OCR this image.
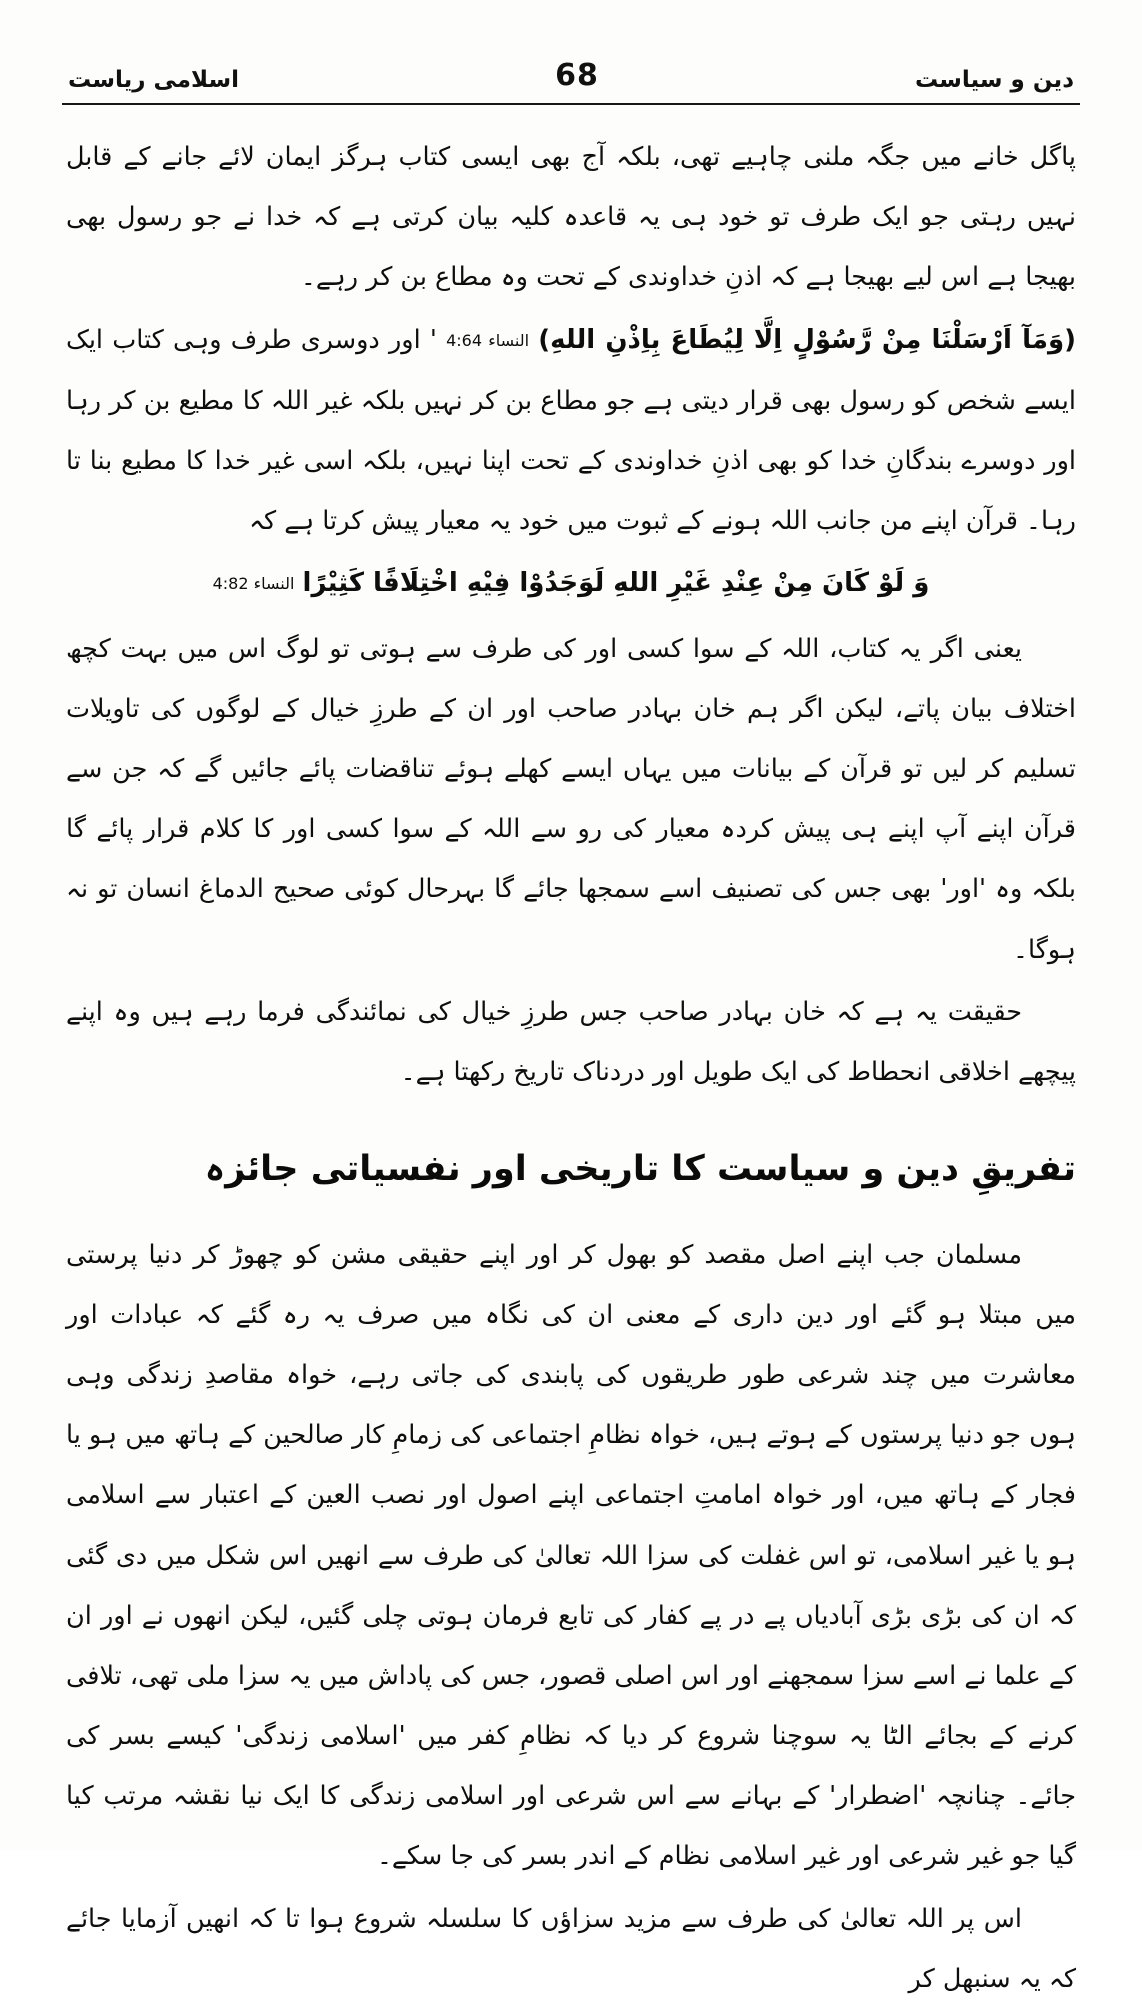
دین و سیاست
68
اسلامی ریاست

پاگل خانے میں جگہ ملنی چاہیے تھی، بلکہ آج بھی ایسی کتاب ہرگز ایمان لائے جانے کے قابل نہیں رہتی جو ایک طرف تو خود ہی یہ قاعدہ کلیہ بیان کرتی ہے کہ خدا نے جو رسول بھی بھیجا ہے اس لیے بھیجا ہے کہ اذنِ خداوندی کے تحت وہ مطاع بن کر رہے۔

(وَمَآ اَرْسَلْنَا مِنْ رَّسُوْلٍ اِلَّا لِیُطَاعَ بِاِذْنِ اللهِ) النساء 4:64 ' اور دوسری طرف وہی کتاب ایک ایسے شخص کو رسول بھی قرار دیتی ہے جو مطاع بن کر نہیں بلکہ غیر اللہ کا مطیع بن کر رہا اور دوسرے بندگانِ خدا کو بھی اذنِ خداوندی کے تحت اپنا نہیں، بلکہ اسی غیر خدا کا مطیع بنا تا رہا۔ قرآن اپنے من جانب اللہ ہونے کے ثبوت میں خود یہ معیار پیش کرتا ہے کہ

وَ لَوْ کَانَ مِنْ عِنْدِ غَیْرِ اللهِ لَوَجَدُوْا فِیْهِ اخْتِلَافًا کَثِیْرًا النساء 4:82

یعنی اگر یہ کتاب، اللہ کے سوا کسی اور کی طرف سے ہوتی تو لوگ اس میں بہت کچھ اختلاف بیان پاتے، لیکن اگر ہم خان بہادر صاحب اور ان کے طرزِ خیال کے لوگوں کی تاویلات تسلیم کر لیں تو قرآن کے بیانات میں یہاں ایسے کھلے ہوئے تناقضات پائے جائیں گے کہ جن سے قرآن اپنے آپ اپنے ہی پیش کردہ معیار کی رو سے اللہ کے سوا کسی اور کا کلام قرار پائے گا بلکہ وہ 'اور' بھی جس کی تصنیف اسے سمجھا جائے گا بہرحال کوئی صحیح الدماغ انسان تو نہ ہوگا۔

حقیقت یہ ہے کہ خان بہادر صاحب جس طرزِ خیال کی نمائندگی فرما رہے ہیں وہ اپنے پیچھے اخلاقی انحطاط کی ایک طویل اور دردناک تاریخ رکھتا ہے۔

تفریقِ دین و سیاست کا تاریخی اور نفسیاتی جائزہ

مسلمان جب اپنے اصل مقصد کو بھول کر اور اپنے حقیقی مشن کو چھوڑ کر دنیا پرستی میں مبتلا ہو گئے اور دین داری کے معنی ان کی نگاہ میں صرف یہ رہ گئے کہ عبادات اور معاشرت میں چند شرعی طور طریقوں کی پابندی کی جاتی رہے، خواہ مقاصدِ زندگی وہی ہوں جو دنیا پرستوں کے ہوتے ہیں، خواہ نظامِ اجتماعی کی زمامِ کار صالحین کے ہاتھ میں ہو یا فجار کے ہاتھ میں، اور خواہ امامتِ اجتماعی اپنے اصول اور نصب العین کے اعتبار سے اسلامی ہو یا غیر اسلامی، تو اس غفلت کی سزا اللہ تعالیٰ کی طرف سے انھیں اس شکل میں دی گئی کہ ان کی بڑی بڑی آبادیاں پے در پے کفار کی تابع فرمان ہوتی چلی گئیں، لیکن انھوں نے اور ان کے علما نے اسے سزا سمجھنے اور اس اصلی قصور، جس کی پاداش میں یہ سزا ملی تھی، تلافی کرنے کے بجائے الٹا یہ سوچنا شروع کر دیا کہ نظامِ کفر میں 'اسلامی زندگی' کیسے بسر کی جائے۔ چنانچہ 'اضطرار' کے بہانے سے اس شرعی اور اسلامی زندگی کا ایک نیا نقشہ مرتب کیا گیا جو غیر شرعی اور غیر اسلامی نظام کے اندر بسر کی جا سکے۔

اس پر اللہ تعالیٰ کی طرف سے مزید سزاؤں کا سلسلہ شروع ہوا تا کہ انھیں آزمایا جائے کہ یہ سنبھل کر
